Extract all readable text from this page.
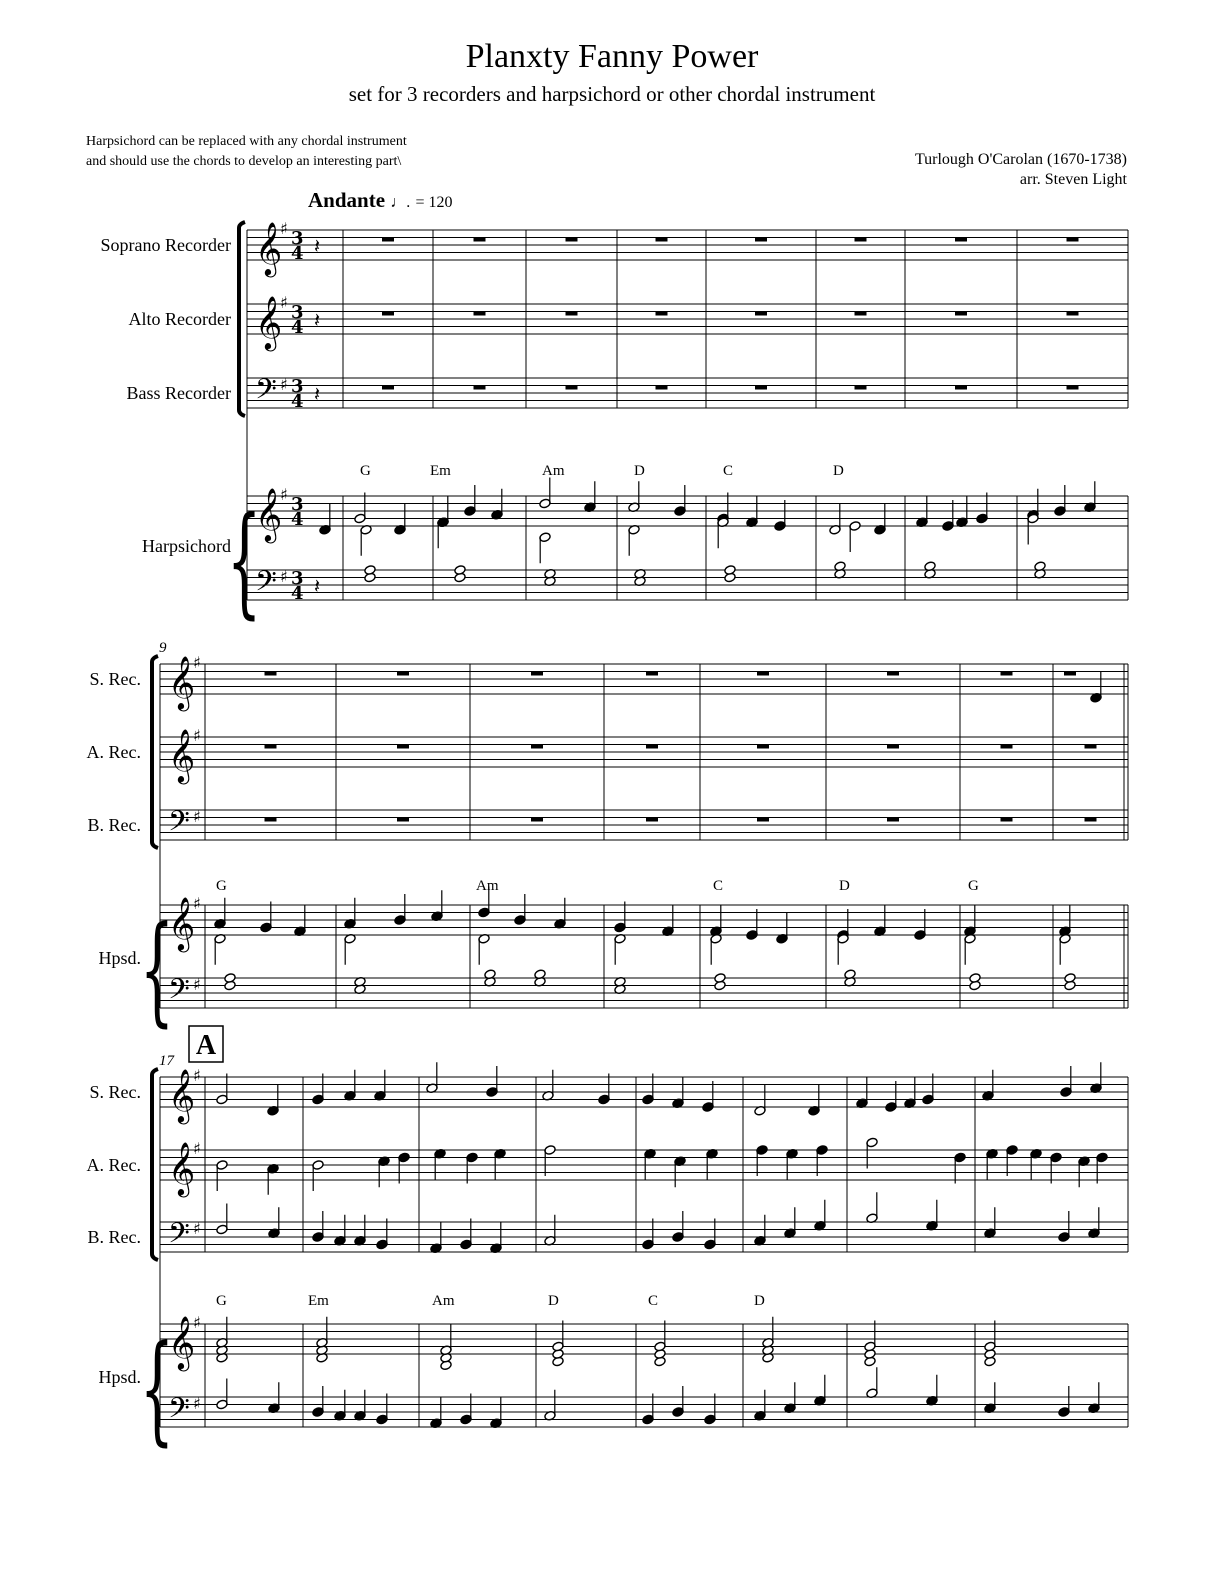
Planxty Fanny Power
set for 3 recorders and harpsichord or other chordal instrument
Harpsichord can be replaced with any chordal instrument
and should use the chords to develop an interesting part\	Turlough O'Carolan (1670-1738)
arr. Steven Light
Andante ♩. = 120
𝄞
♯ 3
4
𝄞
♯ 3
4
𝄢 ♯ 3
4
𝄞
♯ 3
4
𝄢 ♯ 3
4
Soprano Recorder
Alto Recorder
Bass Recorder
Harpsichord
{
G	Em	Am	D	C	D
𝄞
♯
𝄞
♯
𝄢 ♯
𝄞
♯
𝄢 ♯
S. Rec.
A. Rec.
B. Rec.
Hpsd. {
9
G	Am	C	D	G
𝄞
♯
𝄞
♯
𝄢 ♯
𝄞
♯
𝄢 ♯
S. Rec.
A. Rec.
B. Rec.
Hpsd. {
17 A
G	Em	Am	D	C	D
𝄽
𝄽
𝄽
𝄽
